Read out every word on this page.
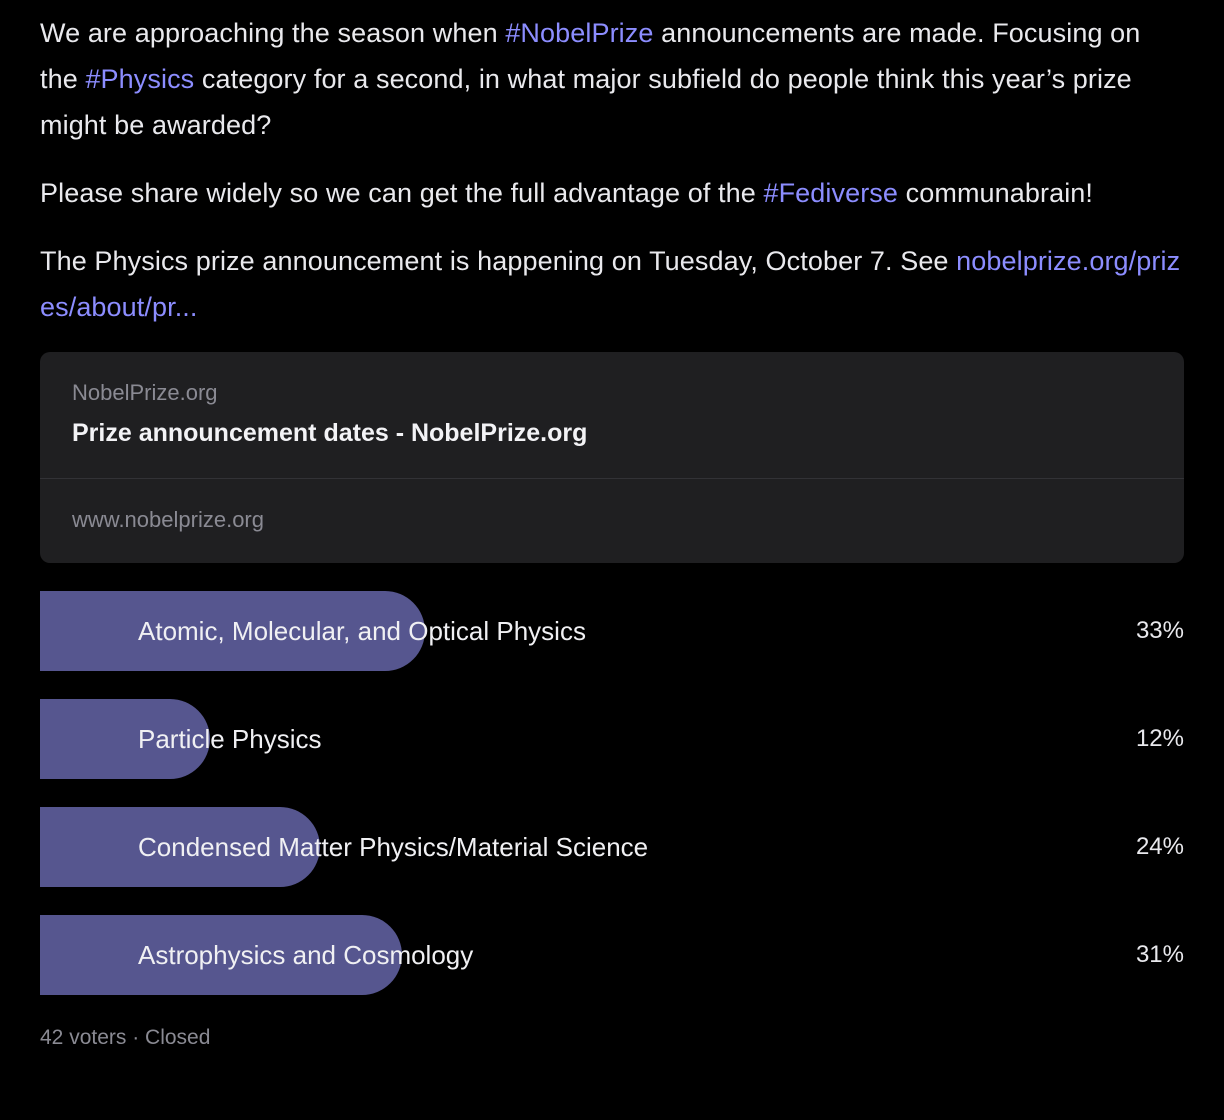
We are approaching the season when #NobelPrize announcements are made. Focusing on the #Physics category for a second, in what major subfield do people think this year’s prize might be awarded?

Please share widely so we can get the full advantage of the #Fediverse communabrain!

The Physics prize announcement is happening on Tuesday, October 7. See nobelprize.org/prizes/about/pr...

NobelPrize.org
Prize announcement dates - NobelPrize.org
www.nobelprize.org
Atomic, Molecular, and Optical Physics	33%
Particle Physics	12%
Condensed Matter Physics/Material Science	24%
Astrophysics and Cosmology	31%
42 voters · Closed
